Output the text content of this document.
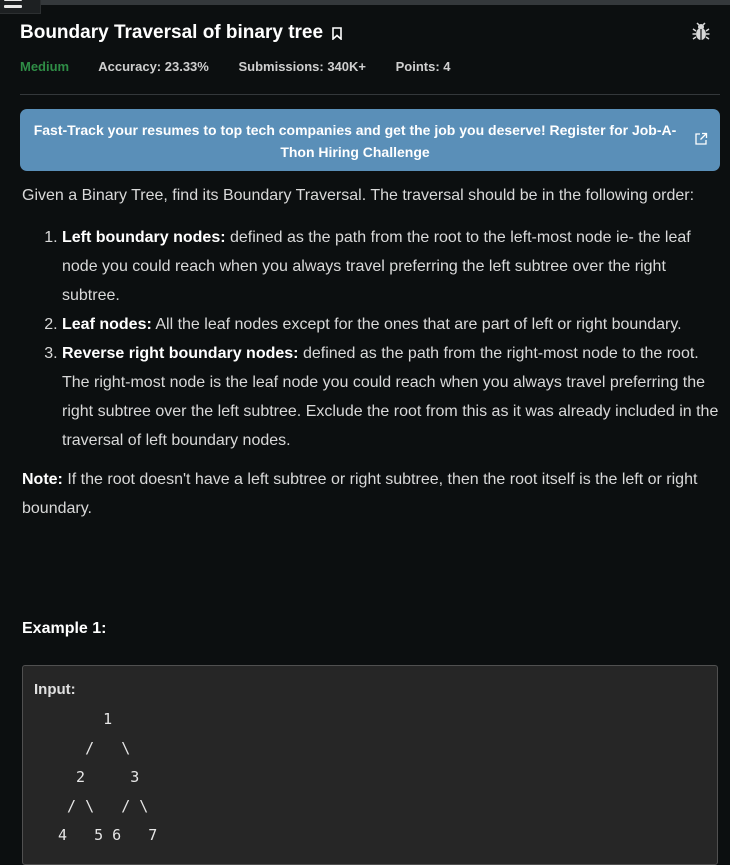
Boundary Traversal of binary tree
Medium Accuracy: 23.33% Submissions: 340K+ Points: 4
Fast-Track your resumes to top tech companies and get the job you deserve! Register for Job-A-Thon Hiring Challenge

Given a Binary Tree, find its Boundary Traversal. The traversal should be in the following order:

1. Left boundary nodes: defined as the path from the root to the left-most node ie- the leaf node you could reach when you always travel preferring the left subtree over the right subtree.
2. Leaf nodes: All the leaf nodes except for the ones that are part of left or right boundary.
3. Reverse right boundary nodes: defined as the path from the right-most node to the root. The right-most node is the leaf node you could reach when you always travel preferring the right subtree over the left subtree. Exclude the root from this as it was already included in the traversal of left boundary nodes.

Note: If the root doesn't have a left subtree or right subtree, then the root itself is the left or right boundary.

Example 1:
Input:
1
/   \
2     3
/ \   / \
4   5 6   7
